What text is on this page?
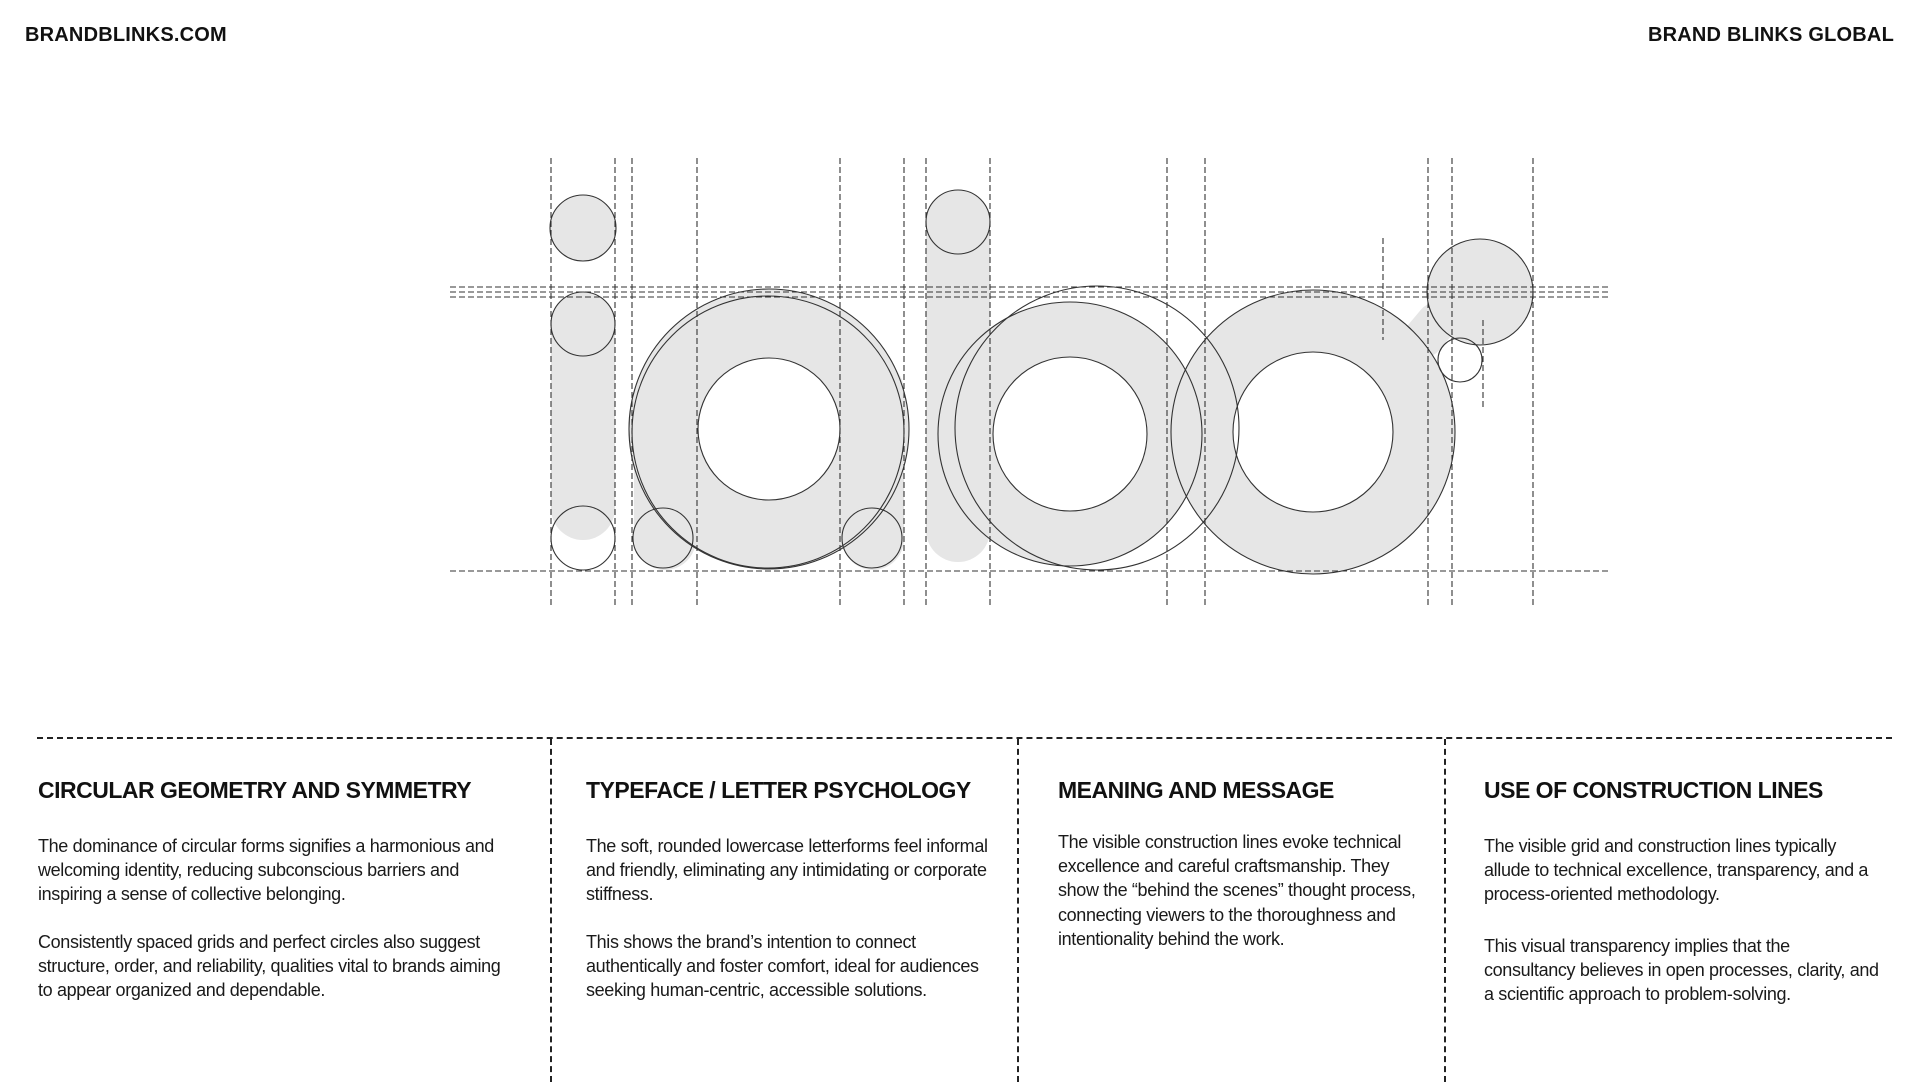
BRANDBLINKS.COM	BRAND BLINKS GLOBAL
CIRCULAR GEOMETRY AND SYMMETRY

The dominance of circular forms signifies a harmonious and welcoming identity, reducing subconscious barriers and inspiring a sense of collective belonging.

Consistently spaced grids and perfect circles also suggest structure, order, and reliability, qualities vital to brands aiming to appear organized and dependable.

TYPEFACE / LETTER PSYCHOLOGY

The soft, rounded lowercase letterforms feel informal and friendly, eliminating any intimidating or corporate stiffness.

This shows the brand’s intention to connect authentically and foster comfort, ideal for audiences seeking human-centric, accessible solutions.

MEANING AND MESSAGE

The visible construction lines evoke technical excellence and careful craftsmanship. They show the “behind the scenes” thought process, connecting viewers to the thoroughness and intentionality behind the work.

USE OF CONSTRUCTION LINES

The visible grid and construction lines typically allude to technical excellence, transparency, and a process-oriented methodology.

This visual transparency implies that the consultancy believes in open processes, clarity, and a scientific approach to problem-solving.
